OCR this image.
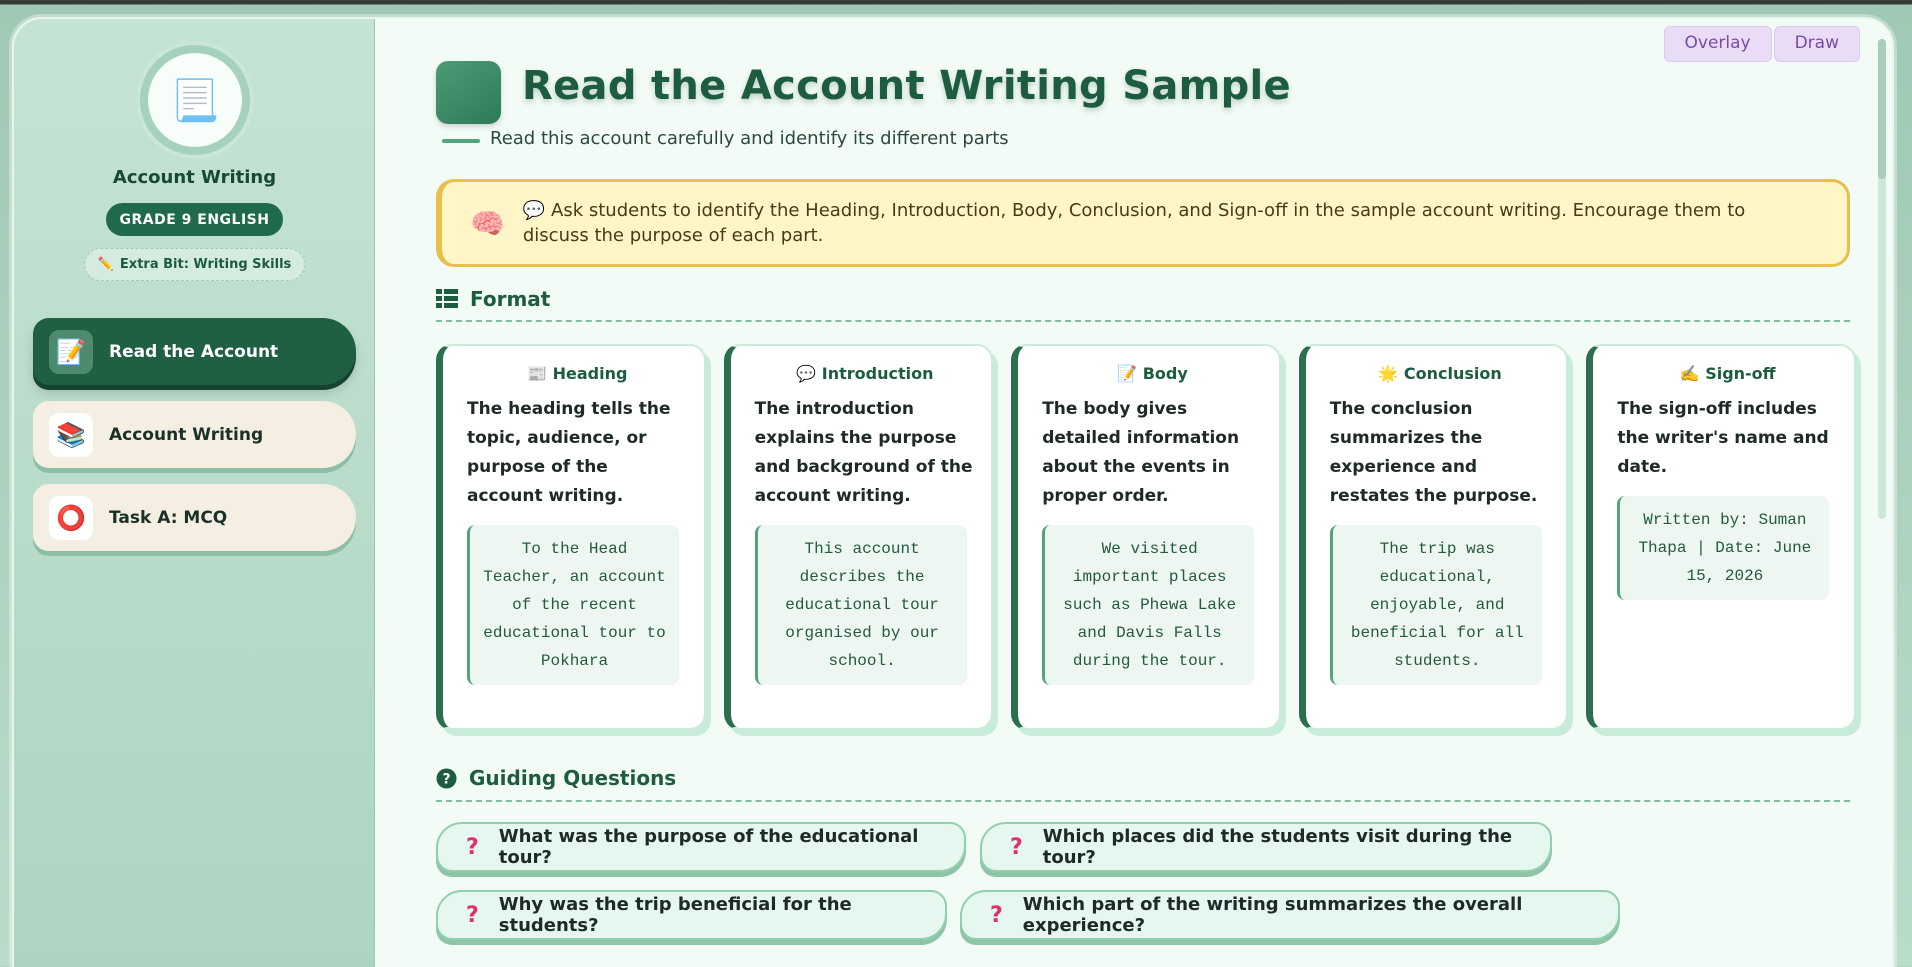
Overlay	Draw
📃
Account Writing
GRADE 9 ENGLISH
✏️ Extra Bit: Writing Skills
📝	Read the Account
📚	Account Writing
⭕	Task A: MCQ
Read the Account Writing Sample
Read this account carefully and identify its different parts
🧠 💬 Ask students to identify the Heading, Introduction, Body, Conclusion, and Sign-off in the sample account writing. Encourage them to discuss the purpose of each part.
Format
📰 Heading
The heading tells the topic, audience, or purpose of the account writing.
To the Head Teacher, an account of the recent educational tour to Pokhara
💬 Introduction
The introduction explains the purpose and background of the account writing.
This account describes the educational tour organised by our school.
📝 Body
The body gives detailed information about the events in proper order.
We visited important places such as Phewa Lake and Davis Falls during the tour.
🌟 Conclusion
The conclusion summarizes the experience and restates the purpose.
The trip was educational, enjoyable, and beneficial for all students.
✍️ Sign-off
The sign-off includes the writer's name and date.
Written by: Suman Thapa | Date: June 15, 2026
? Guiding Questions
? What was the purpose of the educational tour?	? Which places did the students visit during the tour?
? Why was the trip beneficial for the students?	? Which part of the writing summarizes the overall experience?
